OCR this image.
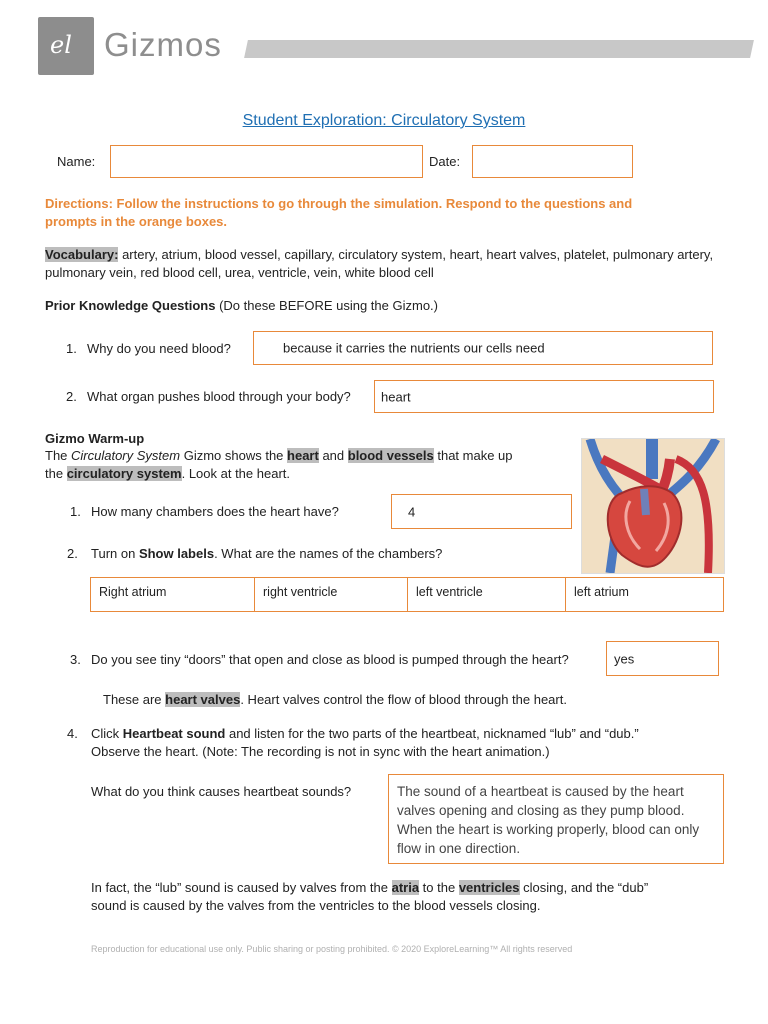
el Gizmos
Student Exploration: Circulatory System
Name:	Date:
Directions: Follow the instructions to go through the simulation. Respond to the questions and prompts in the orange boxes.
Vocabulary: artery, atrium, blood vessel, capillary, circulatory system, heart, heart valves, platelet, pulmonary artery, pulmonary vein, red blood cell, urea, ventricle, vein, white blood cell
Prior Knowledge Questions (Do these BEFORE using the Gizmo.)
1. Why do you need blood?	because it carries the nutrients our cells need
2. What organ pushes blood through your body? heart
Gizmo Warm-up
The Circulatory System Gizmo shows the heart and blood vessels that make up
the circulatory system. Look at the heart.
1. How many chambers does the heart have?	4
2. Turn on Show labels. What are the names of the chambers?
Right atrium	right ventricle	left ventricle	left atrium
3. Do you see tiny “doors” that open and close as blood is pumped through the heart?	yes
These are heart valves. Heart valves control the flow of blood through the heart.
4. Click Heartbeat sound and listen for the two parts of the heartbeat, nicknamed “lub” and “dub.”
Observe the heart. (Note: The recording is not in sync with the heart animation.)
What do you think causes heartbeat sounds?	The sound of a heartbeat is caused by the heart valves opening and closing as they pump blood. When the heart is working properly, blood can only flow in one direction.
In fact, the “lub” sound is caused by valves from the atria to the ventricles closing, and the “dub”
sound is caused by the valves from the ventricles to the blood vessels closing.
Reproduction for educational use only. Public sharing or posting prohibited. © 2020 ExploreLearning™ All rights reserved
